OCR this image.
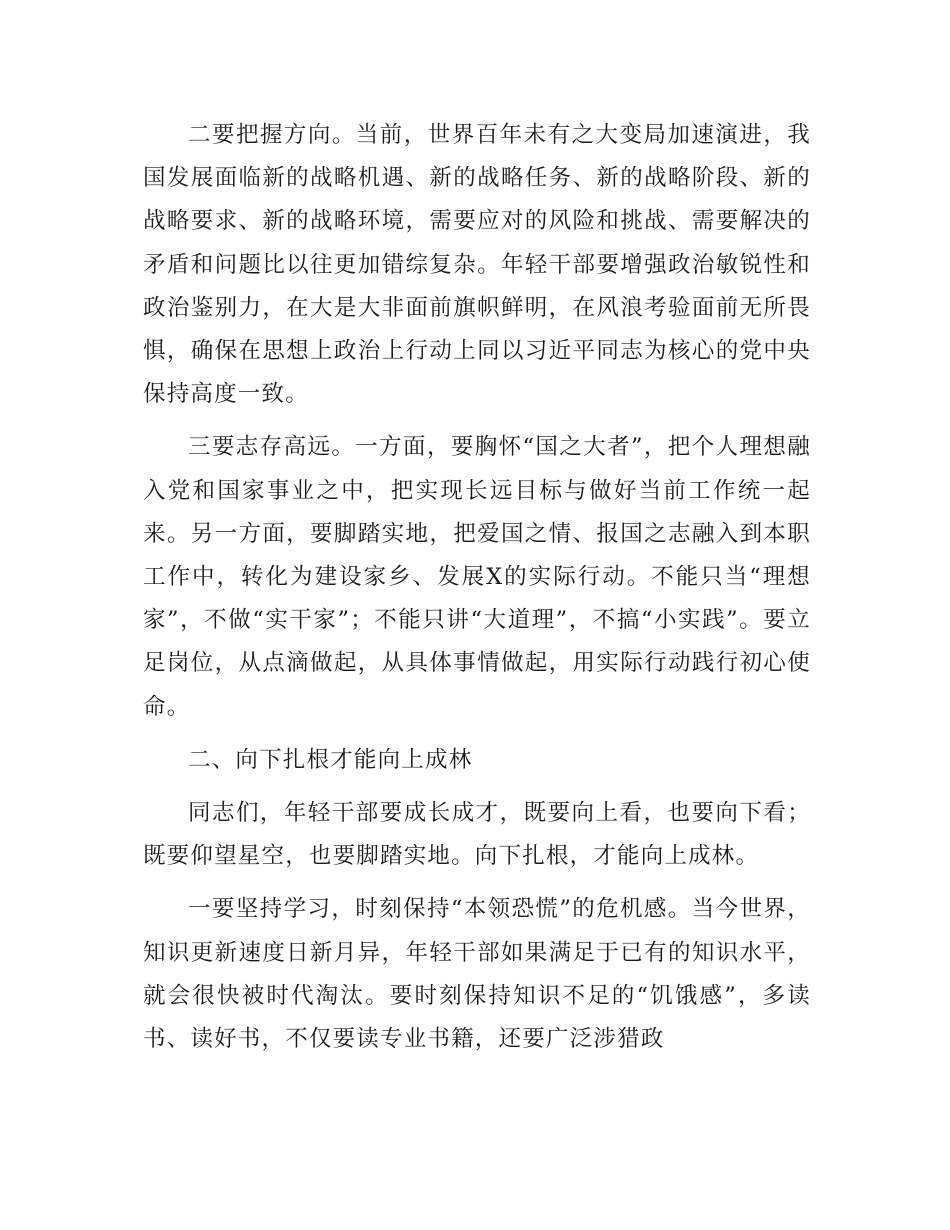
二要把握方向。当前，世界百年未有之大变局加速演进，我国发展面临新的战略机遇、新的战略任务、新的战略阶段、新的战略要求、新的战略环境，需要应对的风险和挑战、需要解决的矛盾和问题比以往更加错综复杂。年轻干部要增强政治敏锐性和政治鉴别力，在大是大非面前旗帜鲜明，在风浪考验面前无所畏惧，确保在思想上政治上行动上同以习近平同志为核心的党中央保持高度一致。

三要志存高远。一方面，要胸怀“国之大者”，把个人理想融入党和国家事业之中，把实现长远目标与做好当前工作统一起来。另一方面，要脚踏实地，把爱国之情、报国之志融入到本职工作中，转化为建设家乡、发展X的实际行动。不能只当“理想家”，不做“实干家”；不能只讲“大道理”，不搞“小实践”。要立足岗位，从点滴做起，从具体事情做起，用实际行动践行初心使命。

二、向下扎根才能向上成林

同志们，年轻干部要成长成才，既要向上看，也要向下看；既要仰望星空，也要脚踏实地。向下扎根，才能向上成林。

一要坚持学习，时刻保持“本领恐慌”的危机感。当今世界，知识更新速度日新月异，年轻干部如果满足于已有的知识水平，就会很快被时代淘汰。要时刻保持知识不足的“饥饿感”，多读书、读好书，不仅要读专业书籍，还要广泛涉猎政
